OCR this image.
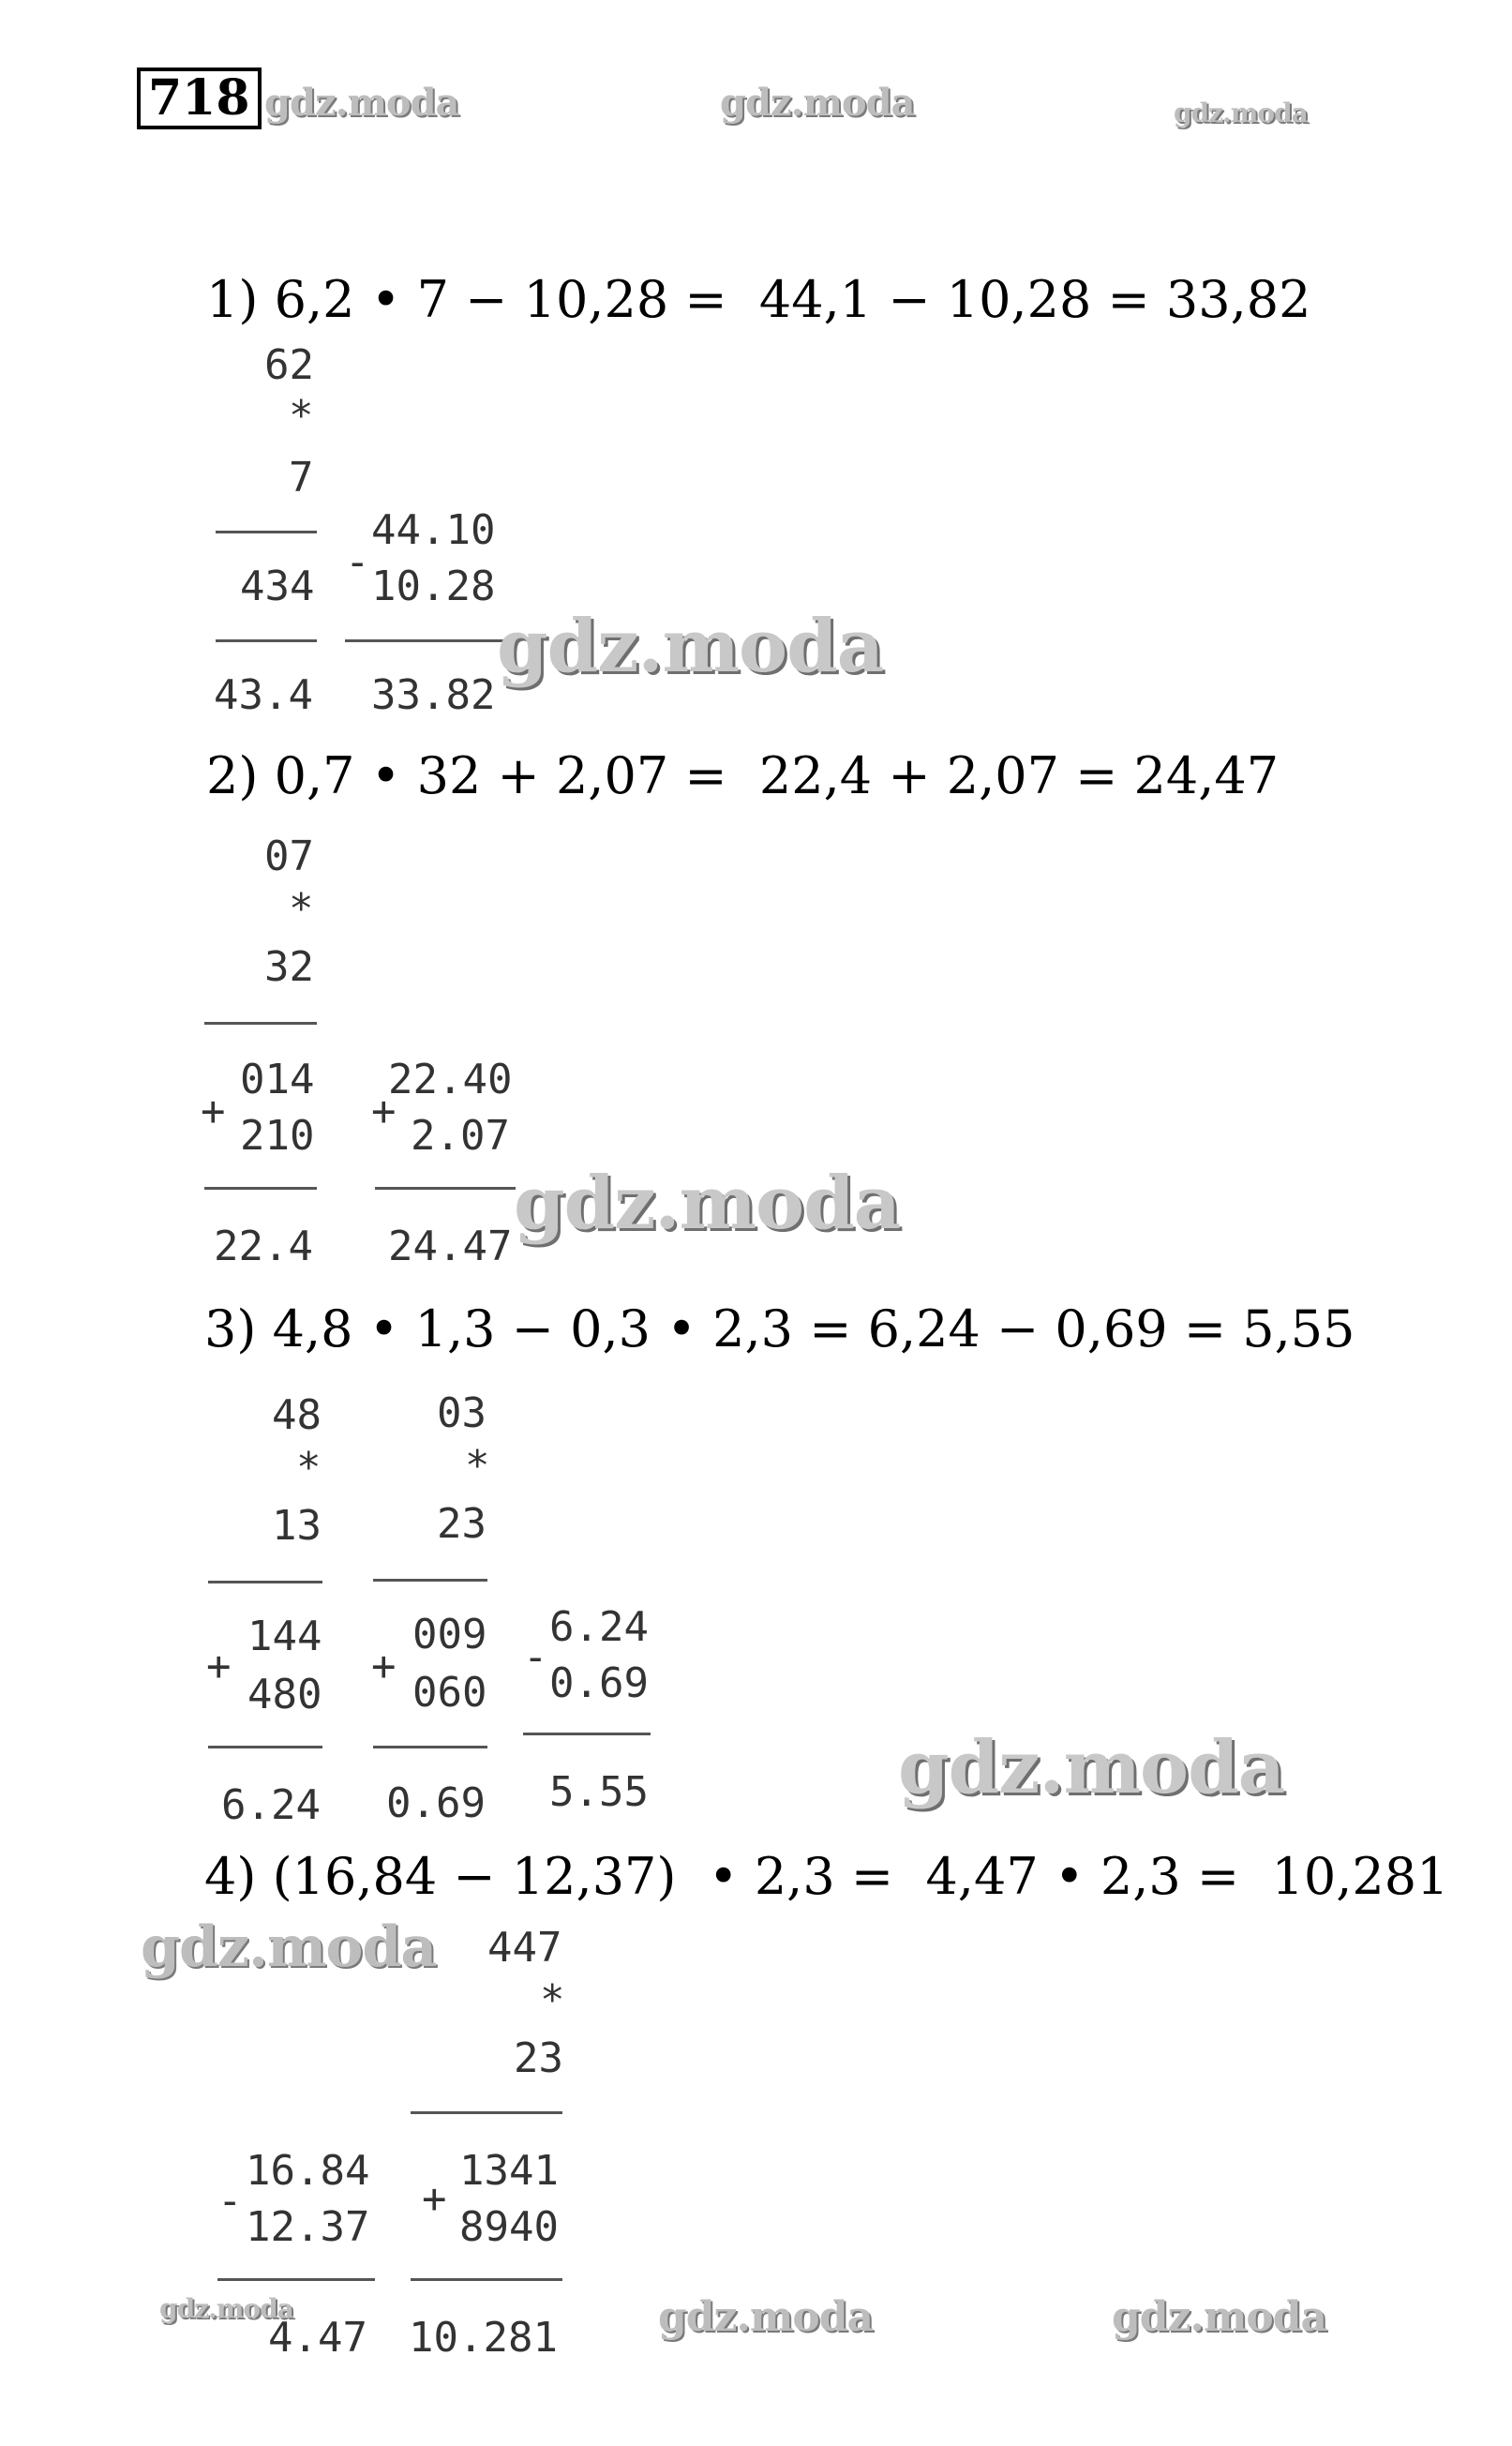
718 gdz.moda	gdz.moda	gdz.moda
1) 6,2 • 7 − 10,28 =  44,1 − 10,28 = 33,82
62
*
7
434
43.4
-
44.10
10.28
33.82
gdz.moda
2) 0,7 • 32 + 2,07 =  22,4 + 2,07 = 24,47
07
*
32
+
014
210
22.4
+
22.40
2.07
24.47
gdz.moda
3) 4,8 • 1,3 − 0,3 • 2,3 = 6,24 − 0,69 = 5,55
48
*
13
+
144
480
6.24
03
*
23
+
009
060
0.69
-
6.24
0.69
5.55	gdz.moda
4) (16,84 − 12,37)  • 2,3 =  4,47 • 2,3 =  10,281
gdz.moda 447
*
23
-
16.84
12.37
4.47
+
1341
8940
10.281
gdz.moda	gdz.moda	gdz.moda
